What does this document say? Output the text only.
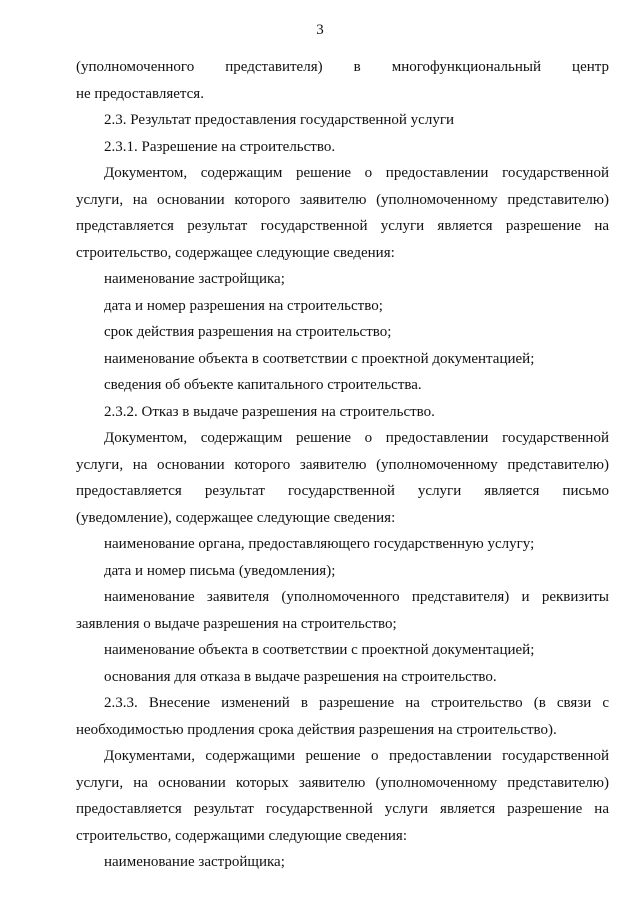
3
(уполномоченного представителя) в многофункциональный центр
не предоставляется.
2.3. Результат предоставления государственной услуги
2.3.1. Разрешение на строительство.
Документом, содержащим решение о предоставлении государственной
услуги, на основании которого заявителю (уполномоченному представителю)
представляется результат государственной услуги является разрешение на
строительство, содержащее следующие сведения:
наименование застройщика;
дата и номер разрешения на строительство;
срок действия разрешения на строительство;
наименование объекта в соответствии с проектной документацией;
сведения об объекте капитального строительства.
2.3.2. Отказ в выдаче разрешения на строительство.
Документом, содержащим решение о предоставлении государственной
услуги, на основании которого заявителю (уполномоченному представителю)
предоставляется результат государственной услуги является письмо
(уведомление), содержащее следующие сведения:
наименование органа, предоставляющего государственную услугу;
дата и номер письма (уведомления);
наименование заявителя (уполномоченного представителя) и реквизиты
заявления о выдаче разрешения на строительство;
наименование объекта в соответствии с проектной документацией;
основания для отказа в выдаче разрешения на строительство.
2.3.3. Внесение изменений в разрешение на строительство (в связи с
необходимостью продления срока действия разрешения на строительство).
Документами, содержащими решение о предоставлении государственной
услуги, на основании которых заявителю (уполномоченному представителю)
предоставляется результат государственной услуги является разрешение на
строительство, содержащими следующие сведения:
наименование застройщика;
